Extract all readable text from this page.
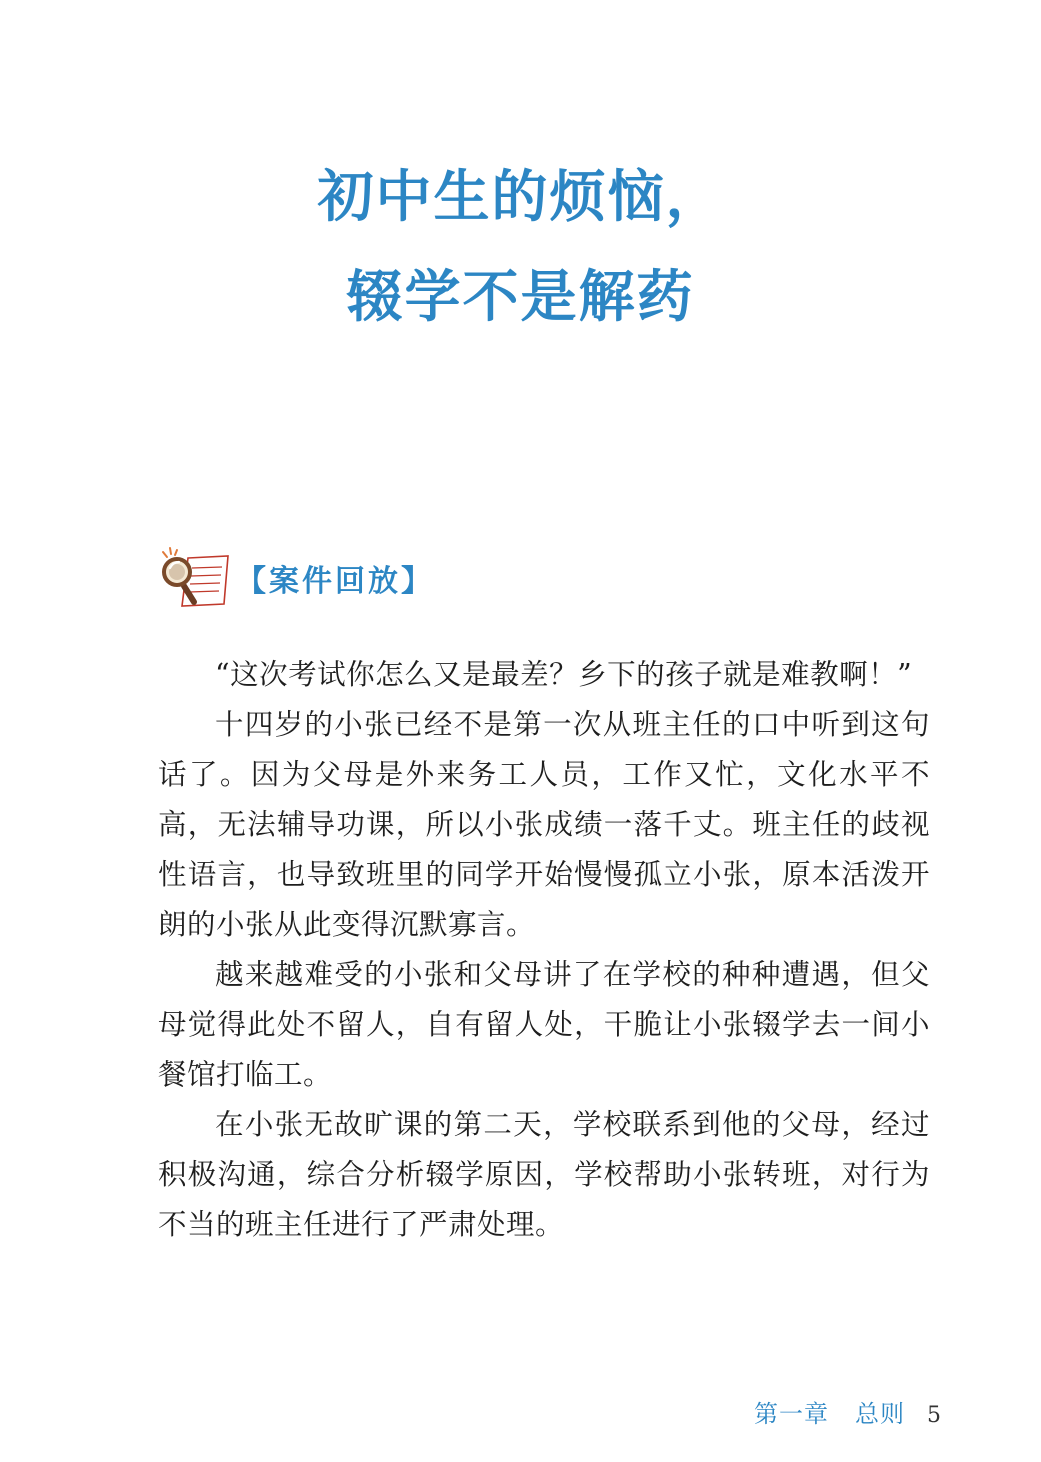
初中生的烦恼，
辍学不是解药
【案件回放】

“这次考试你怎么又是最差？乡下的孩子就是难教啊！”

十四岁的小张已经不是第一次从班主任的口中听到这句话了。因为父母是外来务工人员，工作又忙，文化水平不高，无法辅导功课，所以小张成绩一落千丈。班主任的歧视性语言，也导致班里的同学开始慢慢孤立小张，原本活泼开朗的小张从此变得沉默寡言。

越来越难受的小张和父母讲了在学校的种种遭遇，但父母觉得此处不留人，自有留人处，干脆让小张辍学去一间小餐馆打临工。

在小张无故旷课的第二天，学校联系到他的父母，经过积极沟通，综合分析辍学原因，学校帮助小张转班，对行为不当的班主任进行了严肃处理。

第一章 总则 5
